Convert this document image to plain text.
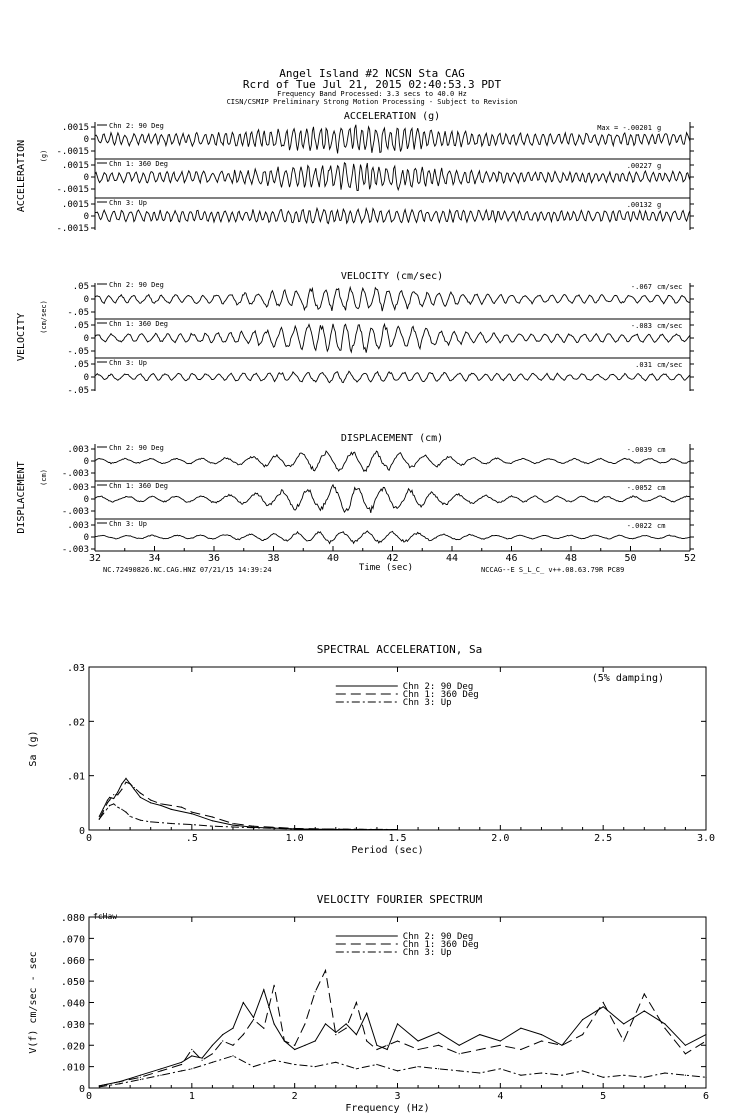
Angel Island #2 NCSN Sta CAG
Rcrd of Tue Jul 21, 2015 02:40:53.3 PDT
Frequency Band Processed: 3.3 secs to 40.0 Hz
CISN/CSMIP Preliminary Strong Motion Processing - Subject to Revision
ACCELERATION (g)
ACCELERATION (g)
.0015
0
-.0015
Chn 2: 90 Deg	Max = -.00201 g
.0015
0
-.0015
Chn 1: 360 Deg	.00227 g
.0015
0
-.0015
Chn 3: Up	.00132 g
VELOCITY (cm/sec)
VELOCITY (cm/sec)
.05
0
-.05
Chn 2: 90 Deg	-.067 cm/sec
.05
0
-.05
Chn 1: 360 Deg	-.083 cm/sec
.05
0
-.05
Chn 3: Up	.031 cm/sec
DISPLACEMENT (cm)
DISPLACEMENT (cm)
.003
0
-.003
Chn 2: 90 Deg	-.0039 cm
.003
0
-.003
Chn 1: 360 Deg	-.0052 cm
.003
0
-.003
Chn 3: Up	-.0022 cm
32	34	36	38	40	42	44	46	48	50	52
Time (sec)
NC.72490826.NC.CAG.HNZ 07/21/15 14:39:24	NCCAG--E S_L_C_ v++.08.63.79R PC89
SPECTRAL ACCELERATION, Sa
0	.5	1.0	1.5	2.0	2.5	3.0
0
.01
.02
.03
Period (sec)
Sa (g)
(5% damping)
Chn 2: 90 Deg
Chn 1: 360 Deg
Chn 3: Up
VELOCITY FOURIER SPECTRUM
0	1	2	3	4	5	6
0
.010
.020
.030
.040
.050
.060
.070
.080
Frequency (Hz)
V(f) cm/sec - sec
fcHaw
Chn 2: 90 Deg
Chn 1: 360 Deg
Chn 3: Up
